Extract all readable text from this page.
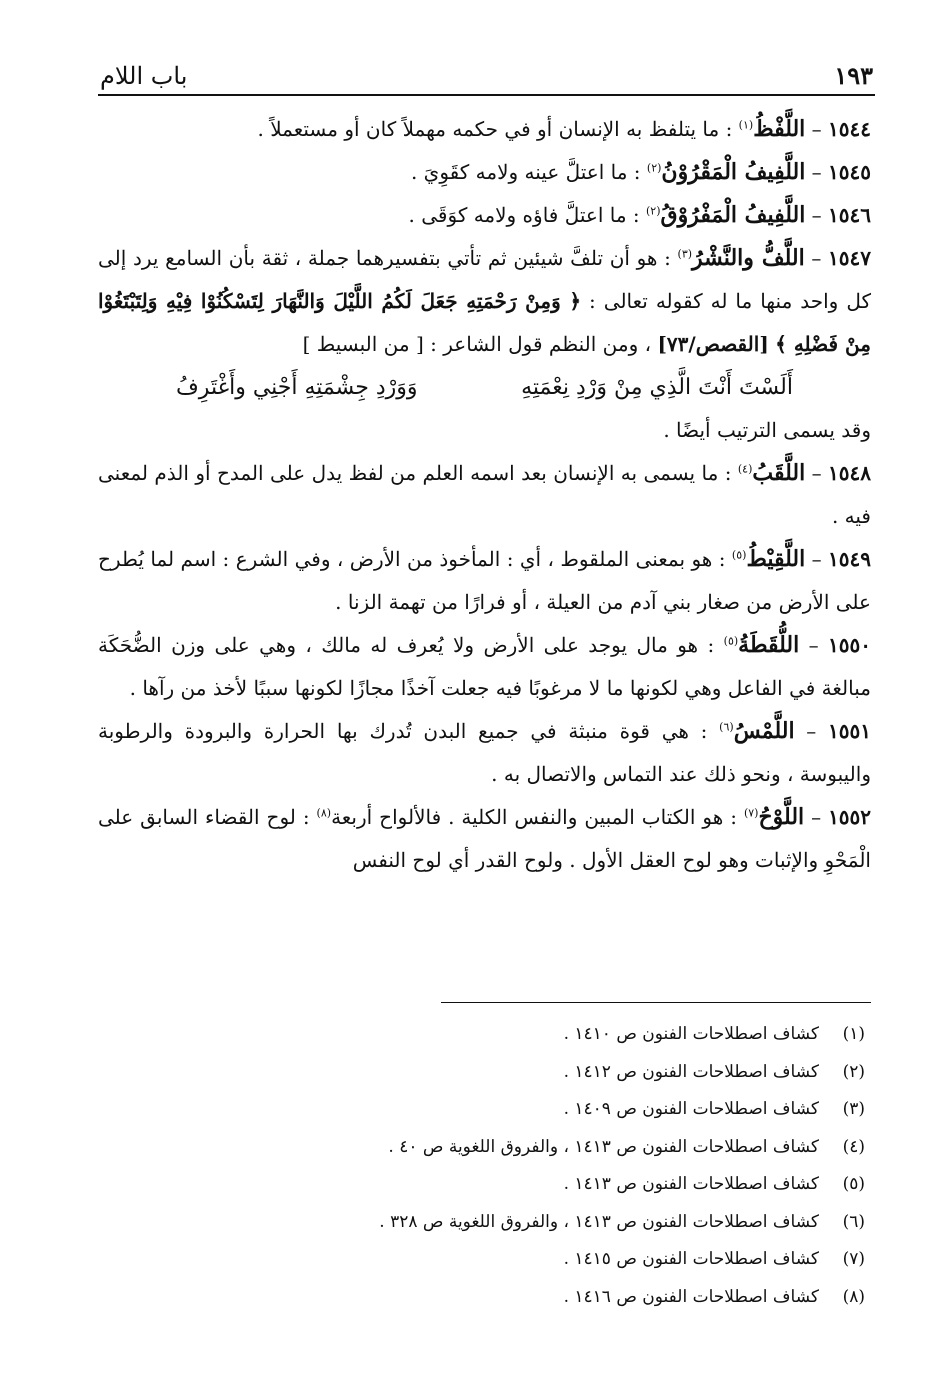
١٩٣
باب اللام

١٥٤٤ – اللَّفْظُ$^{(١)}$ : ما يتلفظ به الإنسان أو في حكمه مهملاً كان أو مستعملاً .

١٥٤٥ – اللَّفِيفُ الْمَقْرُوْنُ$^{(٢)}$ : ما اعتلَّ عينه ولامه كقَوِيَ .

١٥٤٦ – اللَّفِيفُ الْمَفْرُوْقُ$^{(٢)}$ : ما اعتلَّ فاؤه ولامه كوَقَى .

١٥٤٧ – اللَّفُّ والنَّشْرُ$^{(٣)}$ : هو أن تلفَّ شيئين ثم تأتي بتفسيرهما جملة ، ثقة بأن السامع يرد إلى كل واحد منها ما له كقوله تعالى : ﴿ وَمِنْ رَحْمَتِهِ جَعَلَ لَكُمُ اللَّيْلَ وَالنَّهَارَ لِتَسْكُنُوْا فِيْهِ وَلِتَبْتَغُوْا مِنْ فَضْلِهِ ﴾ [القصص/٧٣] ، ومن النظم قول الشاعر : [ من البسيط ]

أَلَسْتَ أَنْتَ الَّذِي مِنْ وَرْدِ نِعْمَتِهِ
وَوَرْدِ جِشْمَتِهِ أَجْنِي وأَغْتَرِفُ

وقد يسمى الترتيب أيضًا .

١٥٤٨ – اللَّقَبُ$^{(٤)}$ : ما يسمى به الإنسان بعد اسمه العلم من لفظ يدل على المدح أو الذم لمعنى فيه .

١٥٤٩ – اللَّقِيْطُ$^{(٥)}$ : هو بمعنى الملقوط ، أي : المأخوذ من الأرض ، وفي الشرع : اسم لما يُطرح على الأرض من صغار بني آدم من العيلة ، أو فرارًا من تهمة الزنا .

١٥٥٠ – اللُّقَطَةُ$^{(٥)}$ : هو مال يوجد على الأرض ولا يُعرف له مالك ، وهي على وزن الضُّحَكَة مبالغة في الفاعل وهي لكونها ما لا مرغوبًا فيه جعلت آخذًا مجازًا لكونها سببًا لأخذ من رآها .

١٥٥١ – اللَّمْسُ$^{(٦)}$ : هي قوة منبثة في جميع البدن تُدرك بها الحرارة والبرودة والرطوبة واليبوسة ، ونحو ذلك عند التماس والاتصال به .

١٥٥٢ – اللَّوْحُ$^{(٧)}$ : هو الكتاب المبين والنفس الكلية . فالألواح أربعة$^{(٨)}$ : لوح القضاء السابق على الْمَحْوِ والإثبات وهو لوح العقل الأول . ولوح القدر أي لوح النفس

(١)
كشاف اصطلاحات الفنون ص ١٤١٠ .
(٢)
كشاف اصطلاحات الفنون ص ١٤١٢ .
(٣)
كشاف اصطلاحات الفنون ص ١٤٠٩ .
(٤)
كشاف اصطلاحات الفنون ص ١٤١٣ ، والفروق اللغوية ص ٤٠ .
(٥)
كشاف اصطلاحات الفنون ص ١٤١٣ .
(٦)
كشاف اصطلاحات الفنون ص ١٤١٣ ، والفروق اللغوية ص ٣٢٨ .
(٧)
كشاف اصطلاحات الفنون ص ١٤١٥ .
(٨)
كشاف اصطلاحات الفنون ص ١٤١٦ .
